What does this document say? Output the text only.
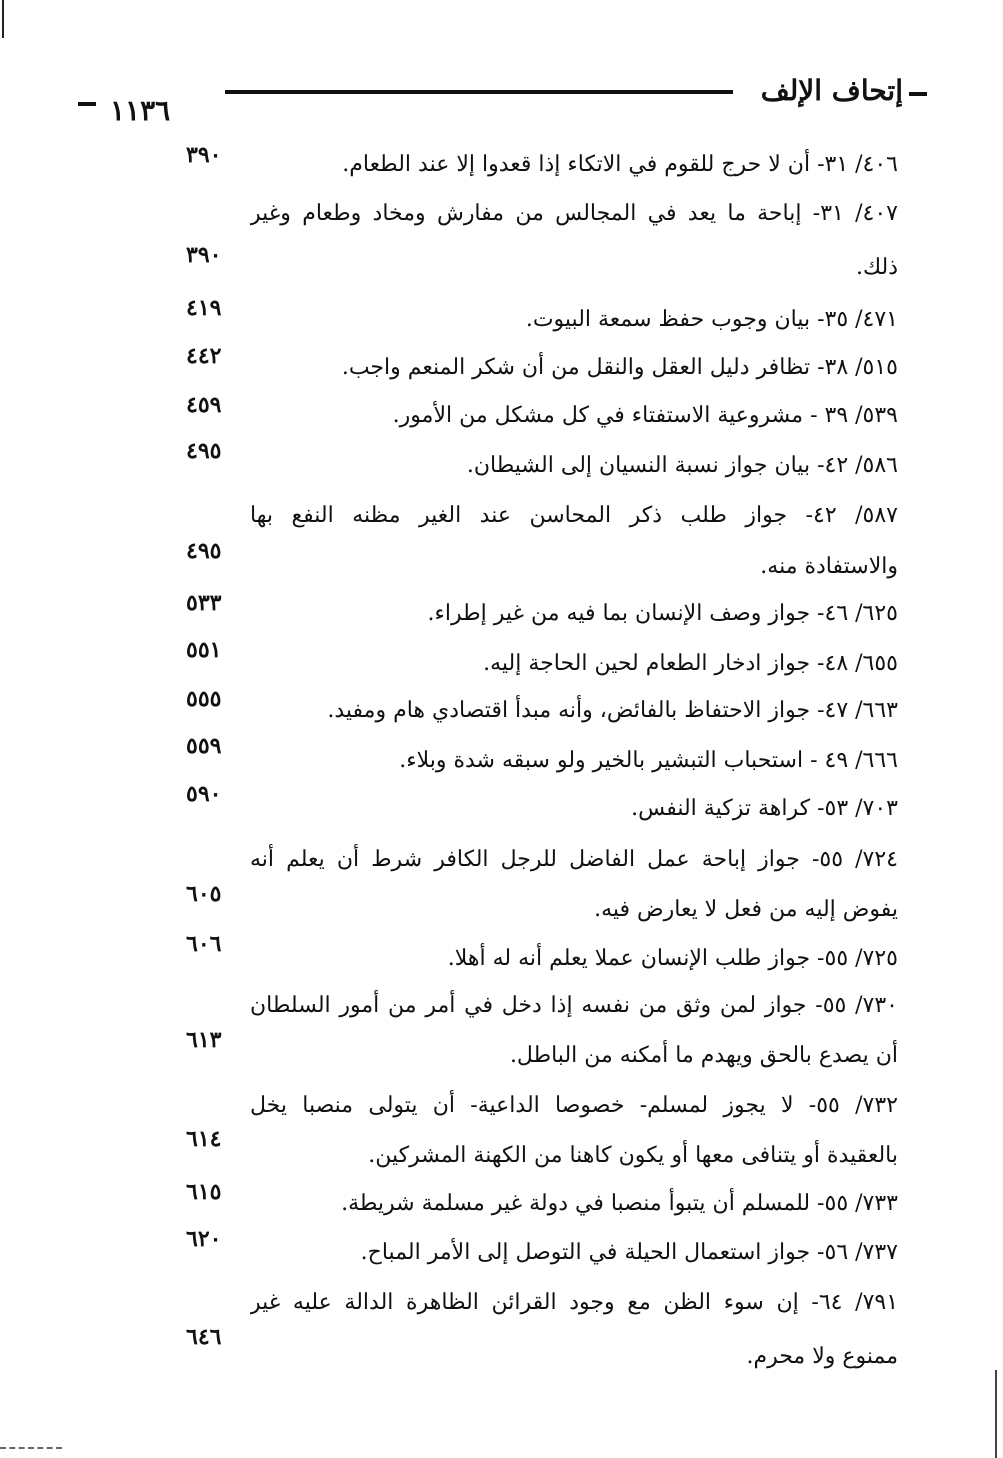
إتحاف الإلف
١١٣٦
٤٠٦/ ٣١- أن لا حرج للقوم في الاتكاء إذا قعدوا إلا عند الطعام.
٣٩٠
٤٠٧/ ٣١- إباحة ما يعد في المجالس من مفارش ومخاد وطعام وغير
ذلك.
٣٩٠
٤٧١/ ٣٥- بيان وجوب حفظ سمعة البيوت.
٤١٩
٥١٥/ ٣٨- تظافر دليل العقل والنقل من أن شكر المنعم واجب.
٤٤٢
٥٣٩/ ٣٩ - مشروعية الاستفتاء في كل مشكل من الأمور.
٤٥٩
٥٨٦/ ٤٢- بيان جواز نسبة النسيان إلى الشيطان.
٤٩٥
٥٨٧/ ٤٢- جواز طلب ذكر المحاسن عند الغير مظنه النفع بها
والاستفادة منه.
٤٩٥
٦٢٥/ ٤٦- جواز وصف الإنسان بما فيه من غير إطراء.
٥٣٣
٦٥٥/ ٤٨- جواز ادخار الطعام لحين الحاجة إليه.
٥٥١
٦٦٣/ ٤٧- جواز الاحتفاظ بالفائض، وأنه مبدأ اقتصادي هام ومفيد.
٥٥٥
٦٦٦/ ٤٩ - استحباب التبشير بالخير ولو سبقه شدة وبلاء.
٥٥٩
٧٠٣/ ٥٣- كراهة تزكية النفس.
٥٩٠
٧٢٤/ ٥٥- جواز إباحة عمل الفاضل للرجل الكافر شرط أن يعلم أنه
يفوض إليه من فعل لا يعارض فيه.
٦٠٥
٧٢٥/ ٥٥- جواز طلب الإنسان عملا يعلم أنه له أهلا.
٦٠٦
٧٣٠/ ٥٥- جواز لمن وثق من نفسه إذا دخل في أمر من أمور السلطان
أن يصدع بالحق ويهدم ما أمكنه من الباطل.
٦١٣
٧٣٢/ ٥٥- لا يجوز لمسلم- خصوصا الداعية- أن يتولى منصبا يخل
بالعقيدة أو يتنافى معها أو يكون كاهنا من الكهنة المشركين.
٦١٤
٧٣٣/ ٥٥- للمسلم أن يتبوأ منصبا في دولة غير مسلمة شريطة.
٦١٥
٧٣٧/ ٥٦- جواز استعمال الحيلة في التوصل إلى الأمر المباح.
٦٢٠
٧٩١/ ٦٤- إن سوء الظن مع وجود القرائن الظاهرة الدالة عليه غير
ممنوع ولا محرم.
٦٤٦
